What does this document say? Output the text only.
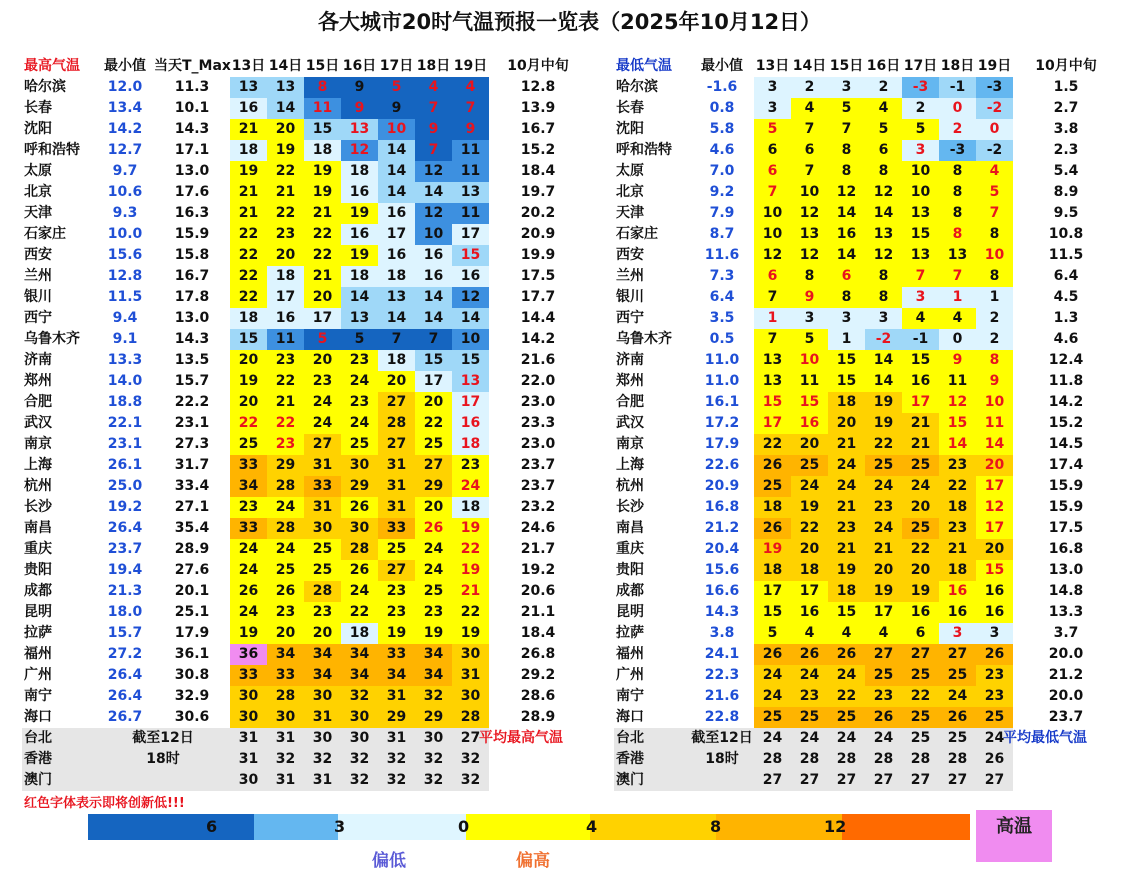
各大城市20时气温预报一览表（2025年10月12日）
最高气温	最小值 当天T_Max 13日 14日 15日 16日 17日 18日 19日	10月中旬
哈尔滨	12.0	11.3	13	13	8	9	5	4	4	12.8
长春	13.4	10.1	16	14	11	9	9	7	7	13.9
沈阳	14.2	14.3	21	20	15	13	10	9	9	16.7
呼和浩特	12.7	17.1	18	19	18	12	14	7	11	15.2
太原	9.7	13.0	19	22	19	18	14	12	11	18.4
北京	10.6	17.6	21	21	19	16	14	14	13	19.7
天津	9.3	16.3	21	22	21	19	16	12	11	20.2
石家庄	10.0	15.9	22	23	22	16	17	10	17	20.9
西安	15.6	15.8	22	20	22	19	16	16	15	19.9
兰州	12.8	16.7	22	18	21	18	18	16	16	17.5
银川	11.5	17.8	22	17	20	14	13	14	12	17.7
西宁	9.4	13.0	18	16	17	13	14	14	14	14.4
乌鲁木齐	9.1	14.3	15	11	5	5	7	7	10	14.2
济南	13.3	13.5	20	23	20	23	18	15	15	21.6
郑州	14.0	15.7	19	22	23	24	20	17	13	22.0
合肥	18.8	22.2	20	21	24	23	27	20	17	23.0
武汉	22.1	23.1	22	22	24	24	28	22	16	23.3
南京	23.1	27.3	25	23	27	25	27	25	18	23.0
上海	26.1	31.7	33	29	31	30	31	27	23	23.7
杭州	25.0	33.4	34	28	33	29	31	29	24	23.7
长沙	19.2	27.1	23	24	31	26	31	20	18	23.2
南昌	26.4	35.4	33	28	30	30	33	26	19	24.6
重庆	23.7	28.9	24	24	25	28	25	24	22	21.7
贵阳	19.4	27.6	24	25	25	26	27	24	19	19.2
成都	21.3	20.1	26	26	28	24	23	25	21	20.6
昆明	18.0	25.1	24	23	23	22	23	23	22	21.1
拉萨	15.7	17.9	19	20	20	18	19	19	19	18.4
福州	27.2	36.1	36	34	34	34	33	34	30	26.8
广州	26.4	30.8	33	33	34	34	34	34	31	29.2
南宁	26.4	32.9	30	28	30	32	31	32	30	28.6
海口	26.7	30.6	30	30	31	30	29	29	28	28.9
台北	截至12日	31	31	30	30	31	30	27
平均最高气温
香港	18时	31	32	32	32	32	32	32
澳门	30	31	31	32	32	32	32
最低气温	最小值 13日 14日 15日 16日 17日 18日 19日	10月中旬
哈尔滨	-1.6	3	2	3	2	-3	-1	-3	1.5
长春	0.8	3	4	5	4	2	0	-2	2.7
沈阳	5.8	5	7	7	5	5	2	0	3.8
呼和浩特	4.6	6	6	8	6	3	-3	-2	2.3
太原	7.0	6	7	8	8	10	8	4	5.4
北京	9.2	7	10	12	12	10	8	5	8.9
天津	7.9	10	12	14	14	13	8	7	9.5
石家庄	8.7	10	13	16	13	15	8	8	10.8
西安	11.6	12	12	14	12	13	13	10	11.5
兰州	7.3	6	8	6	8	7	7	8	6.4
银川	6.4	7	9	8	8	3	1	1	4.5
西宁	3.5	1	3	3	3	4	4	2	1.3
乌鲁木齐	0.5	7	5	1	-2	-1	0	2	4.6
济南	11.0	13	10	15	14	15	9	8	12.4
郑州	11.0	13	11	15	14	16	11	9	11.8
合肥	16.1	15	15	18	19	17	12	10	14.2
武汉	17.2	17	16	20	19	21	15	11	15.2
南京	17.9	22	20	21	22	21	14	14	14.5
上海	22.6	26	25	24	25	25	23	20	17.4
杭州	20.9	25	24	24	24	24	22	17	15.9
长沙	16.8	18	19	21	23	20	18	12	15.9
南昌	21.2	26	22	23	24	25	23	17	17.5
重庆	20.4	19	20	21	21	22	21	20	16.8
贵阳	15.6	18	18	19	20	20	18	15	13.0
成都	16.6	17	17	18	19	19	16	16	14.8
昆明	14.3	15	16	15	17	16	16	16	13.3
拉萨	3.8	5	4	4	4	6	3	3	3.7
福州	24.1	26	26	26	27	27	27	26	20.0
广州	22.3	24	24	24	25	25	25	23	21.2
南宁	21.6	24	23	22	23	22	24	23	20.0
海口	22.8	25	25	25	26	25	26	25	23.7
台北	截至12日 24	24	24	24	25	25	24
平均最低气温
香港	18时	28	28	28	28	28	28	26
澳门	27	27	27	27	27	27	27
红色字体表示即将创新低!!!
6	3	0	4	8	12	高温
偏低	偏高
